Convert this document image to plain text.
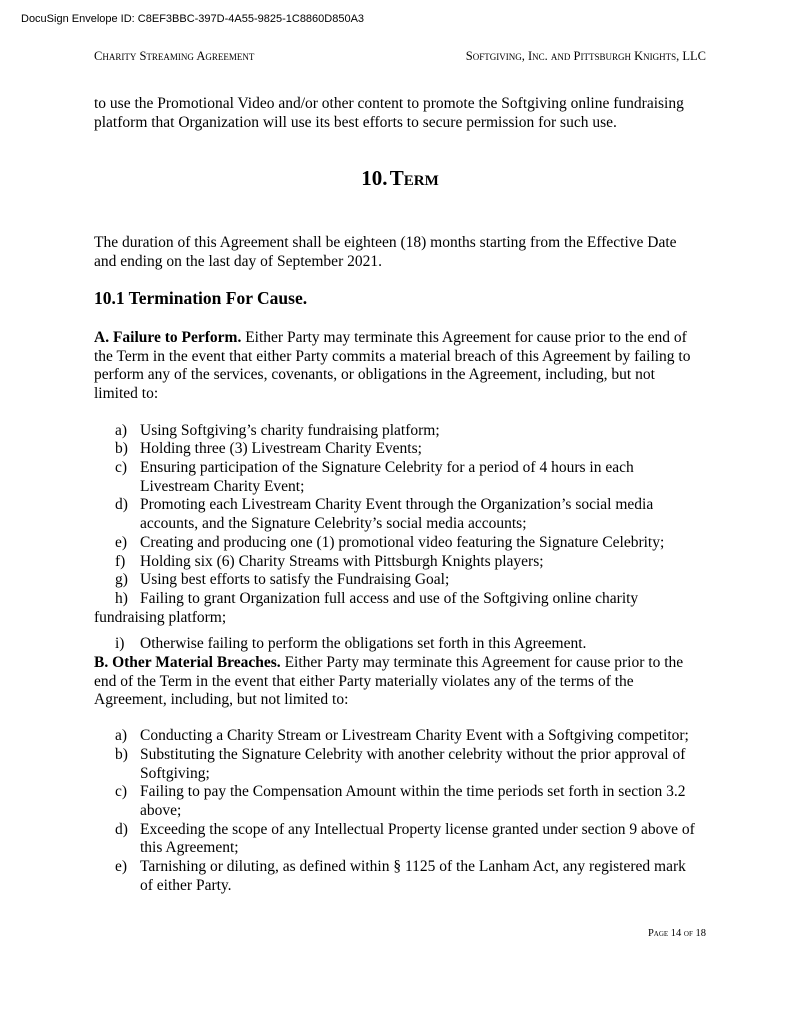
DocuSign Envelope ID: C8EF3BBC-397D-4A55-9825-1C8860D850A3
Charity Streaming Agreement	Softgiving, Inc. and Pittsburgh Knights, LLC
to use the Promotional Video and/or other content to promote the Softgiving online fundraising
platform that Organization will use its best efforts to secure permission for such use.
10. Term
The duration of this Agreement shall be eighteen (18) months starting from the Effective Date
and ending on the last day of September 2021.
10.1 Termination For Cause.
A. Failure to Perform. Either Party may terminate this Agreement for cause prior to the end of
the Term in the event that either Party commits a material breach of this Agreement by failing to
perform any of the services, covenants, or obligations in the Agreement, including, but not
limited to:
a) Using Softgiving’s charity fundraising platform;
b) Holding three (3) Livestream Charity Events;
c) Ensuring participation of the Signature Celebrity for a period of 4 hours in each
Livestream Charity Event;
d) Promoting each Livestream Charity Event through the Organization’s social media
accounts, and the Signature Celebrity’s social media accounts;
e) Creating and producing one (1) promotional video featuring the Signature Celebrity;
f) Holding six (6) Charity Streams with Pittsburgh Knights players;
g) Using best efforts to satisfy the Fundraising Goal;
h) Failing to grant Organization full access and use of the Softgiving online charity
fundraising platform;
i)	Otherwise failing to perform the obligations set forth in this Agreement.
B. Other Material Breaches. Either Party may terminate this Agreement for cause prior to the
end of the Term in the event that either Party materially violates any of the terms of the
Agreement, including, but not limited to:
a) Conducting a Charity Stream or Livestream Charity Event with a Softgiving competitor;
b) Substituting the Signature Celebrity with another celebrity without the prior approval of
Softgiving;
c) Failing to pay the Compensation Amount within the time periods set forth in section 3.2
above;
d) Exceeding the scope of any Intellectual Property license granted under section 9 above of
this Agreement;
e) Tarnishing or diluting, as defined within § 1125 of the Lanham Act, any registered mark
of either Party.
Page 14 of 18
